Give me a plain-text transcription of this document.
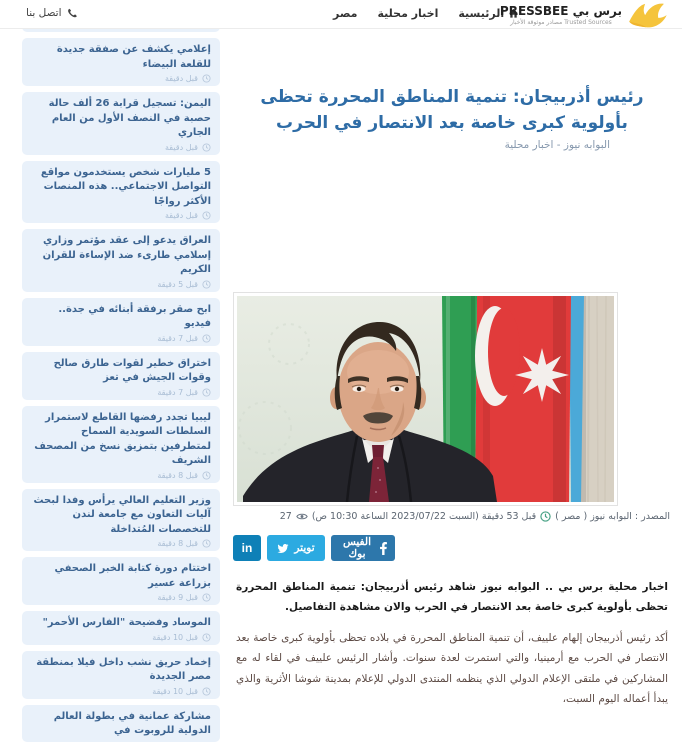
اتصل بنا	الرئيسية
اخبار محلية
مصر	برس بي PRESSBEE
Trusted Sources مصادر موثوقة الأخبار
إعلامي يكشف عن صفقة جديدة للقلعة البيضاء
قبل دقيقة
اليمن: تسجيل قرابة 26 ألف حالة حصبة في النصف الأول من العام الجاري
قبل دقيقة
5 مليارات شخص يستخدمون مواقع التواصل الاجتماعي.. هذه المنصات الأكثر رواجًا
قبل دقيقة
العراق يدعو إلى عقد مؤتمر وزاري إسلامي طارىء ضد الإساءة للقران الكريم
قبل 5 دقيقة
ابح صقر برفقة أبنائه في جدة.. فيديو
قبل 7 دقيقة
اختراق خطير لقوات طارق صالح وقوات الجيش في تعز
قبل 7 دقيقة
ليبيا تجدد رفضها القاطع لاستمرار السلطات السويدية السماح لمتطرفين بتمزيق نسخ من المصحف الشريف
قبل 8 دقيقة
وزير التعليم العالي يرأس وفدا لبحث آليات التعاون مع جامعة لندن للتخصصات المُتداخلة
قبل 8 دقيقة
اختتام دورة كتابة الخبر الصحفي بزراعة عسير
قبل 9 دقيقة
الموساد وفضيحة "الفارس الأحمر"
قبل 10 دقيقة
إخماد حريق نشب داخل فيلا بمنطقة مصر الجديدة
قبل 10 دقيقة
مشاركة عمانية في بطولة العالم الدولية للروبوت في
رئيس أذربيجان: تنمية المناطق المحررة تحظى بأولوية كبرى خاصة بعد الانتصار في الحرب
البوابه نيوز - اخبار محلية
المصدر : البوابه نيوز ( مصر )
قبل 53 دقيقة (السبت 2023/07/22 الساعة 10:30 ص)
27
in	تويتر	الفيس بوك

اخبار محلية برس بي .. البوابه نيوز شاهد رئيس أذربيجان: تنمية المناطق المحررة تحظى بأولوية كبرى خاصة بعد الانتصار في الحرب والان مشاهدة التفاصيل.

أكد رئيس أذربيجان إلهام علييف، أن تنمية المناطق المحررة في بلاده تحظى بأولوية كبرى خاصة بعد الانتصار في الحرب مع أرمينيا، والتي استمرت لعدة سنوات. وأشار الرئيس علييف في لقاء له مع المشاركين في ملتقى الإعلام الدولي الذي ينظمه المنتدى الدولي للإعلام بمدينة شوشا الأثرية والذي يبدأ أعماله اليوم السبت،
